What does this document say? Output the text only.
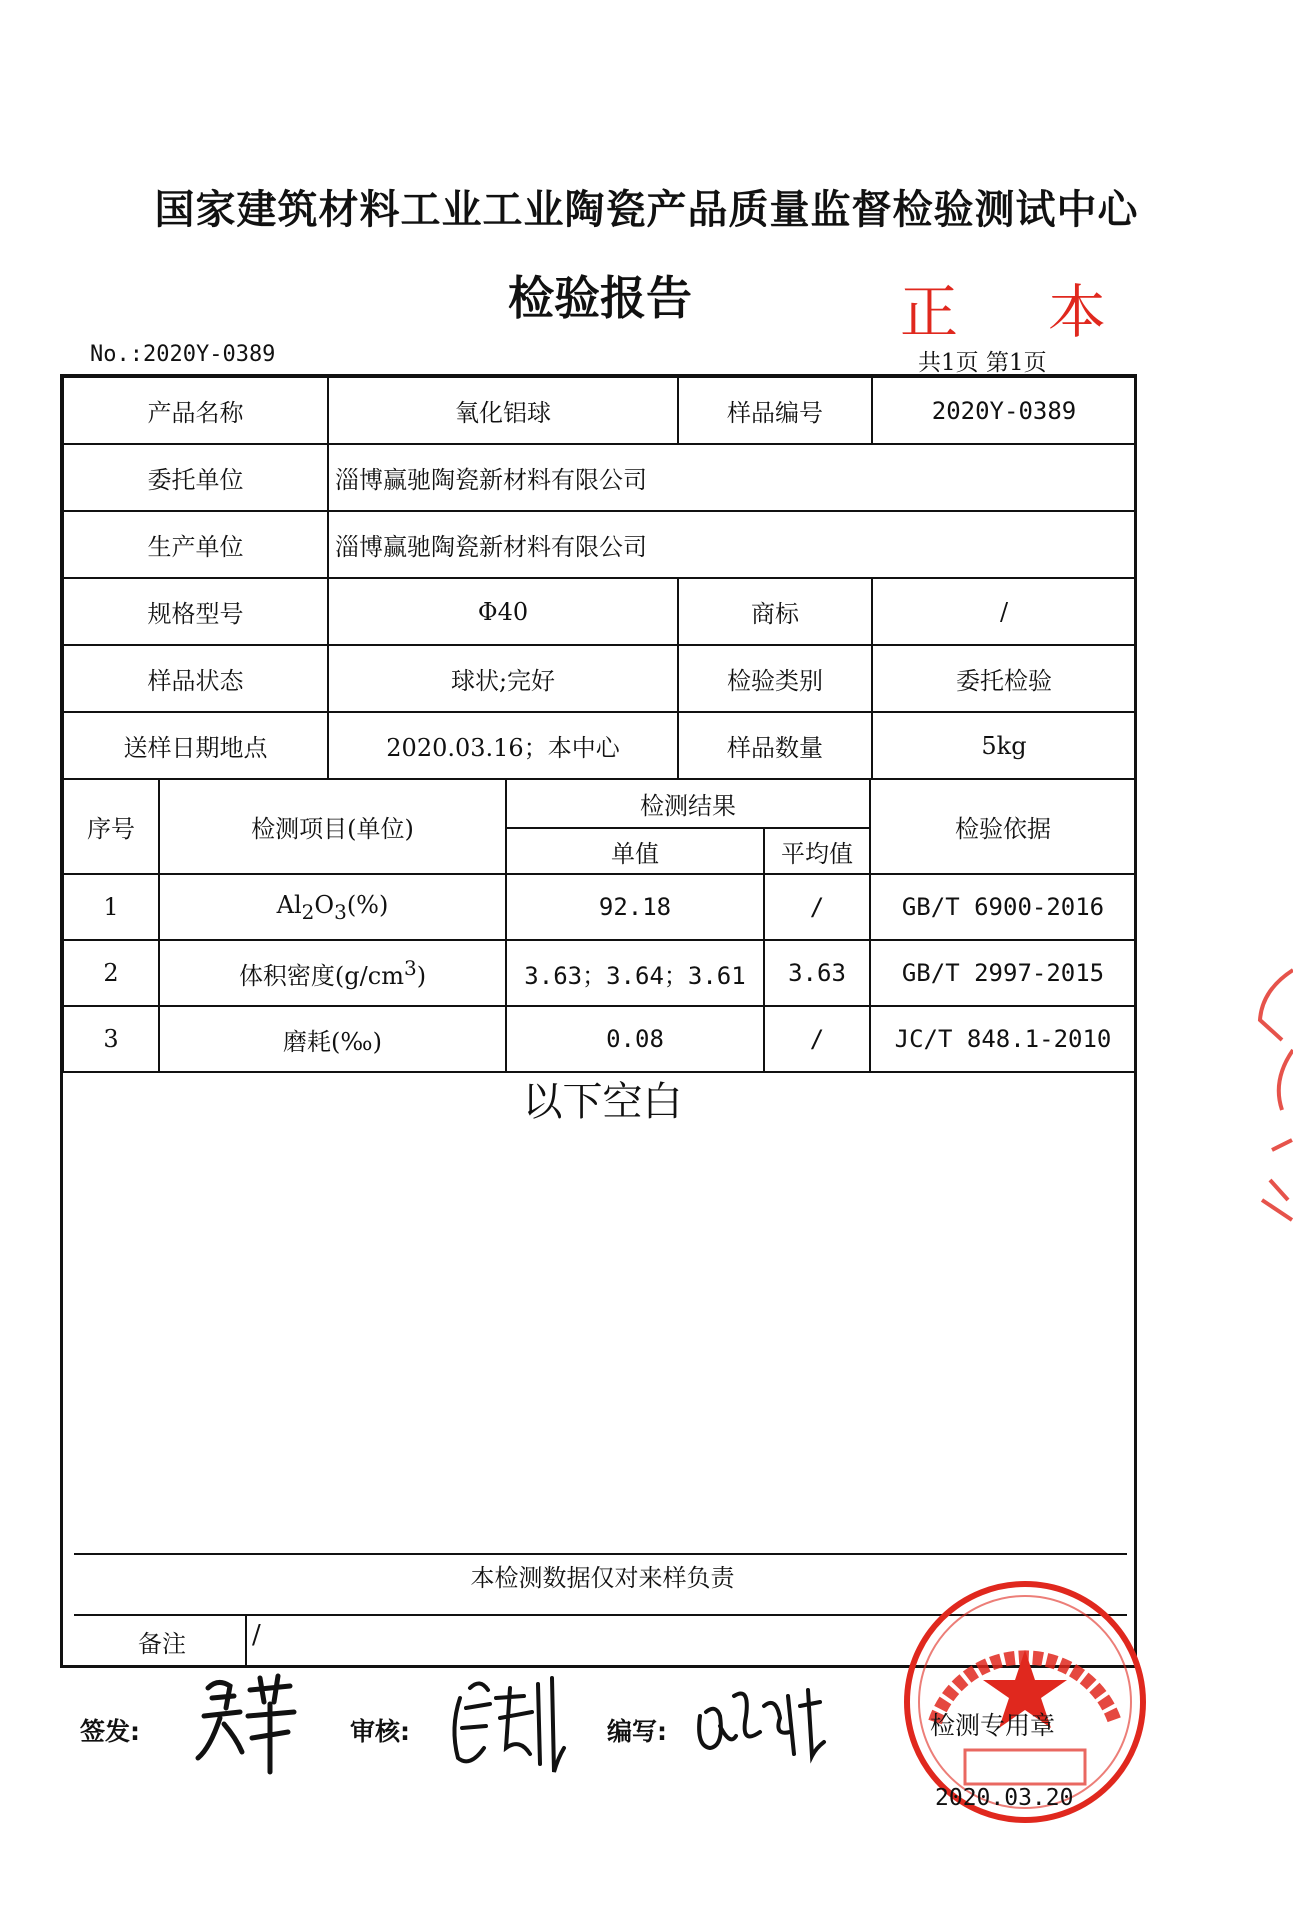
国家建筑材料工业工业陶瓷产品质量监督检验测试中心
检验报告	正本
No.:2020Y-0389	共1页 第1页
产品名称	氧化铝球	样品编号	2020Y-0389
委托单位	淄博赢驰陶瓷新材料有限公司		
生产单位	淄博赢驰陶瓷新材料有限公司		
规格型号	Φ40	商标	/
样品状态	球状;完好	检验类别	委托检验
送样日期地点	2020.03.16；本中心	样品数量	5kg
序号	检测项目(单位)	检测结果		检验依据
		单值	平均值	
1	$Al_2O_3(\%)$	92.18	/	GB/T 6900-2016
2	体积密度$(g/cm^3)$	3.63；3.64；3.61	3.63	GB/T 2997-2015
3	磨耗(‰)	0.08	/	JC/T 848.1-2010
以下空白
本检测数据仅对来样负责
备注	/
签发:	审核:	编写:	检测专用章
2020.03.20
